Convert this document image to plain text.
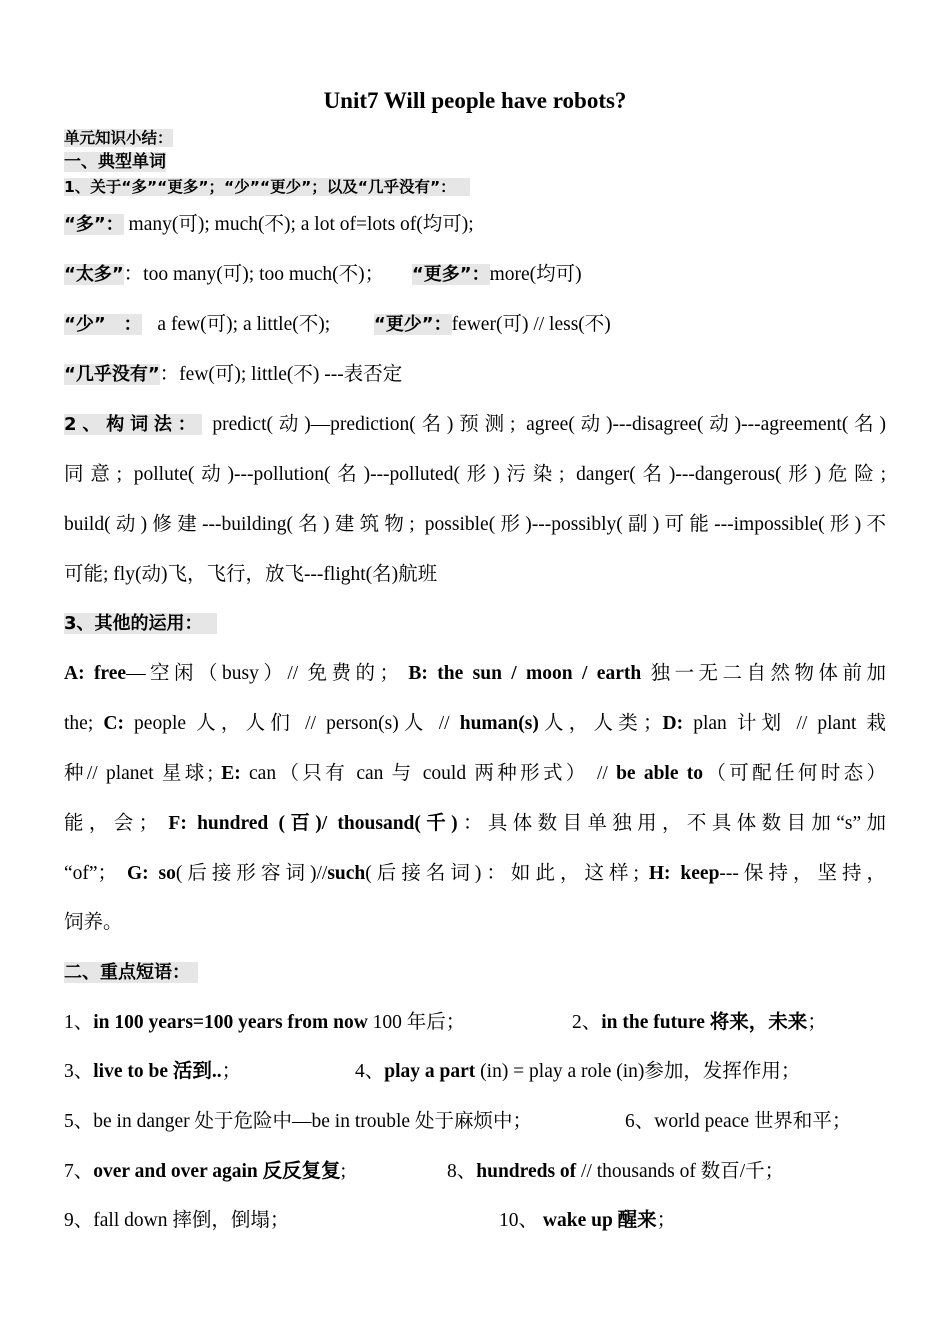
Unit7 Will people have robots?
单元知识小结：
一、典型单词
1、关于“多”“更多”；“少”“更少”；以及“几乎没有”：
“多”： many(可); much(不); a lot of=lots of(均可);
“太多”：too many(可); too much(不)； “更多”：more(均可)
“少”　： a few(可); a little(不); “更少”：fewer(可) // less(不)
“几乎没有”：few(可); little(不) ---表否定
2、构词法： predict(动)—prediction(名)预测; agree(动)---disagree(动)---agreement(名)
同意; pollute(动)---pollution(名)---polluted(形)污染; danger(名)---dangerous(形)危险;
build(动)修建---building(名)建筑物; possible(形)---possibly(副)可能---impossible(形)不
可能; fly(动)飞，飞行，放飞---flight(名)航班
3、其他的运用：
A: free—空闲（busy）// 免费的； B: the sun / moon / earth 独一无二自然物体前加
the; C: people 人，人们 // person(s)人 // human(s)人，人类；D: plan 计划 // plant 栽
种// planet 星球; E: can（只有 can 与 could 两种形式） // be able to（可配任何时态）
能，会； F: hundred (百)/ thousand(千)：具体数目单独用，不具体数目加“s”加
“of”； G: so(后接形容词)//such(后接名词)：如此，这样; H: keep---保持，坚持，
饲养。
二、重点短语：
1、in 100 years=100 years from now 100 年后；	2、in the future 将来，未来；
3、live to be 活到..；	4、play a part (in) = play a role (in)参加，发挥作用；
5、be in danger 处于危险中—be in trouble 处于麻烦中；	6、world peace 世界和平；
7、over and over again 反反复复;	8、hundreds of // thousands of 数百/千；
9、fall down 摔倒，倒塌；	10、 wake up 醒来；
